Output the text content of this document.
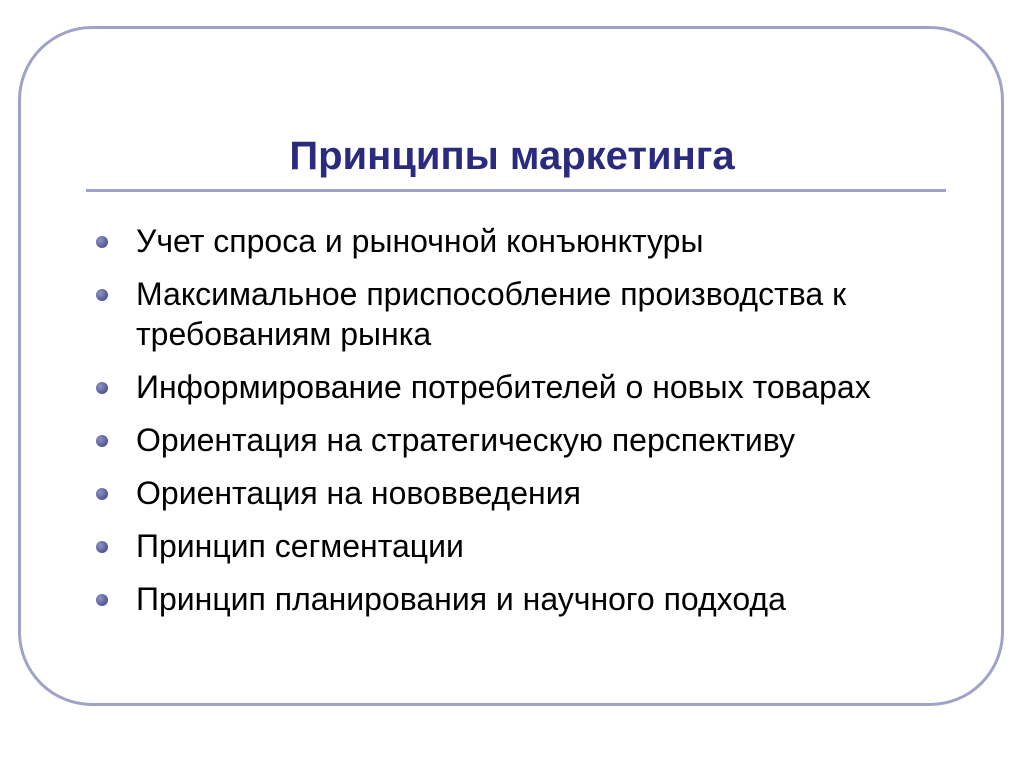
Принципы маркетинга
Учет спроса и рыночной конъюнктуры
Максимальное приспособление производства к требованиям рынка
Информирование потребителей о новых товарах
Ориентация на стратегическую перспективу
Ориентация на нововведения
Принцип сегментации
Принцип планирования и научного подхода
